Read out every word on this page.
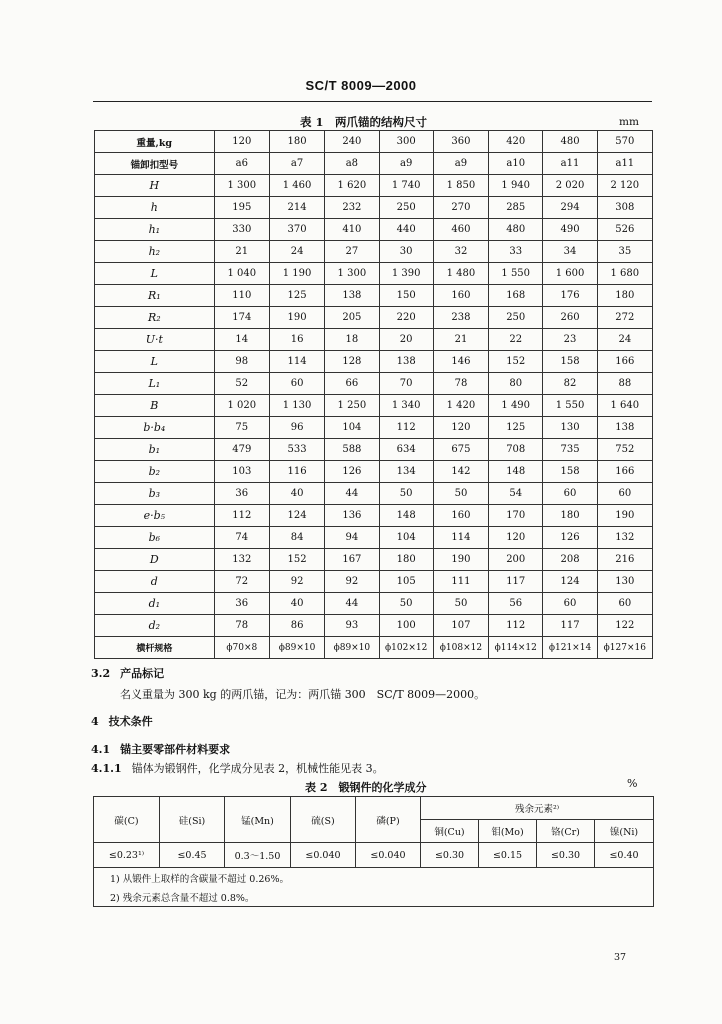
SC/T 8009—2000
表 1　两爪锚的结构尺寸	mm
重量,kg	120	180	240	300	360	420	480	570
锚卸扣型号	a6	a7	a8	a9	a9	a10	a11	a11
H	1 300	1 460	1 620	1 740	1 850	1 940	2 020	2 120
h	195	214	232	250	270	285	294	308
h₁	330	370	410	440	460	480	490	526
h₂	21	24	27	30	32	33	34	35
L	1 040	1 190	1 300	1 390	1 480	1 550	1 600	1 680
R₁	110	125	138	150	160	168	176	180
R₂	174	190	205	220	238	250	260	272
U·t	14	16	18	20	21	22	23	24
L	98	114	128	138	146	152	158	166
L₁	52	60	66	70	78	80	82	88
B	1 020	1 130	1 250	1 340	1 420	1 490	1 550	1 640
b·b₄	75	96	104	112	120	125	130	138
b₁	479	533	588	634	675	708	735	752
b₂	103	116	126	134	142	148	158	166
b₃	36	40	44	50	50	54	60	60
e·b₅	112	124	136	148	160	170	180	190
b₆	74	84	94	104	114	120	126	132
D	132	152	167	180	190	200	208	216
d	72	92	92	105	111	117	124	130
d₁	36	40	44	50	50	56	60	60
d₂	78	86	93	100	107	112	117	122
横杆规格	ϕ70×8	ϕ89×10	ϕ89×10	ϕ102×12	ϕ108×12	ϕ114×12	ϕ121×14	ϕ127×16
3.2 产品标记
名义重量为 300 kg 的两爪锚，记为：两爪锚 300　SC/T 8009—2000。
4 技术条件
4.1 锚主要零部件材料要求
4.1.1 锚体为锻钢件，化学成分见表 2，机械性能见表 3。
表 2　锻钢件的化学成分	%
碳(C)	硅(Si)	锰(Mn)	硫(S)	磷(P)	残余元素²⁾			
					铜(Cu)	钼(Mo)	铬(Cr)	镍(Ni)
≤0.23¹⁾	≤0.45	0.3～1.50	≤0.040	≤0.040	≤0.30	≤0.15	≤0.30	≤0.40
1) 从锻件上取样的含碳量不超过 0.26%。								
2) 残余元素总含量不超过 0.8%。								
37
